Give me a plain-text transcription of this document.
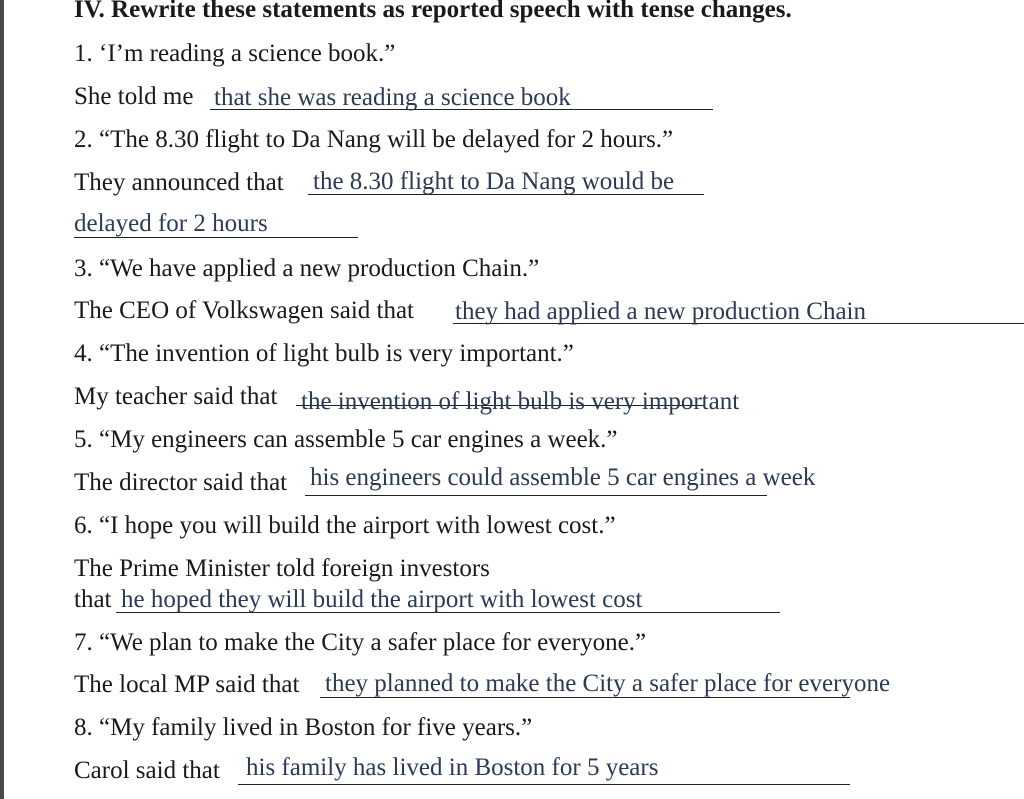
IV. Rewrite these statements as reported speech with tense changes.
1. ‘I’m reading a science book.”
She told me that she was reading a science book
2. “The 8.30 flight to Da Nang will be delayed for 2 hours.”
They announced that the 8.30 flight to Da Nang would be
delayed for 2 hours
3. “We have applied a new production Chain.”
The CEO of Volkswagen said that they had applied a new production Chain
4. “The invention of light bulb is very important.”
My teacher said that the invention of light bulb is very important
5. “My engineers can assemble 5 car engines a week.”
The director said that his engineers could assemble 5 car engines a week
6. “I hope you will build the airport with lowest cost.”
The Prime Minister told foreign investors
that he hoped they will build the airport with lowest cost
7. “We plan to make the City a safer place for everyone.”
The local MP said that they planned to make the City a safer place for everyone
8. “My family lived in Boston for five years.”
Carol said that his family has lived in Boston for 5 years
